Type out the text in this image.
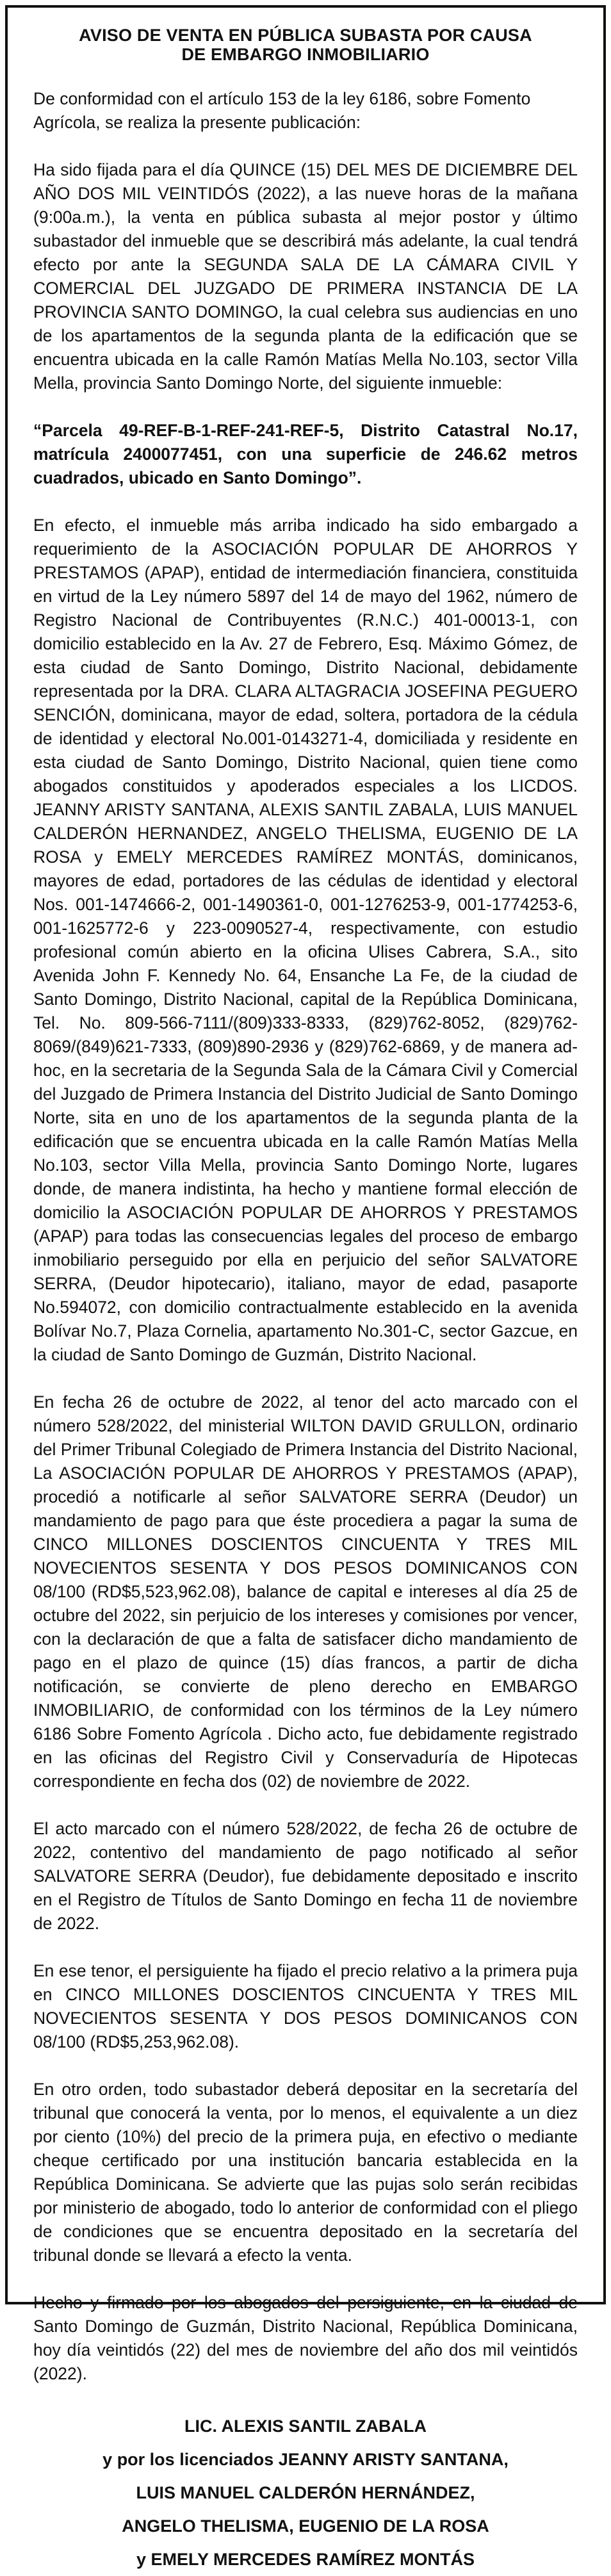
AVISO DE VENTA EN PÚBLICA SUBASTA POR CAUSA
DE EMBARGO INMOBILIARIO

De conformidad con el artículo 153 de la ley 6186, sobre Fomento Agrícola, se realiza la presente publicación:

Ha sido fijada para el día QUINCE (15) DEL MES DE DICIEMBRE DEL AÑO DOS MIL VEINTIDÓS (2022), a las nueve horas de la mañana (9:00a.m.), la venta en pública subasta al mejor postor y último subastador del inmueble que se describirá más adelante, la cual tendrá efecto por ante la SEGUNDA SALA DE LA CÁMARA CIVIL Y COMERCIAL DEL JUZGADO DE PRIMERA INSTANCIA DE LA PROVINCIA SANTO DOMINGO, la cual celebra sus audiencias en uno de los apartamentos de la segunda planta de la edificación que se encuentra ubicada en la calle Ramón Matías Mella No.103, sector Villa Mella, provincia Santo Domingo Norte, del siguiente inmueble:

“Parcela 49-REF-B-1-REF-241-REF-5, Distrito Catastral No.17, matrícula 2400077451, con una superficie de 246.62 metros cuadrados, ubicado en Santo Domingo”.

En efecto, el inmueble más arriba indicado ha sido embargado a requerimiento de la ASOCIACIÓN POPULAR DE AHORROS Y PRESTAMOS (APAP), entidad de intermediación financiera, constituida en virtud de la Ley número 5897 del 14 de mayo del 1962, número de Registro Nacional de Contribuyentes (R.N.C.) 401-00013-1, con domicilio establecido en la Av. 27 de Febrero, Esq. Máximo Gómez, de esta ciudad de Santo Domingo, Distrito Nacional, debidamente representada por la DRA. CLARA ALTAGRACIA JOSEFINA PEGUERO SENCIÓN, dominicana, mayor de edad, soltera, portadora de la cédula de identidad y electoral No.001-0143271-4, domiciliada y residente en esta ciudad de Santo Domingo, Distrito Nacional, quien tiene como abogados constituidos y apoderados especiales a los LICDOS. JEANNY ARISTY SANTANA, ALEXIS SANTIL ZABALA, LUIS MANUEL CALDERÓN HERNANDEZ, ANGELO THELISMA, EUGENIO DE LA ROSA y EMELY MERCEDES RAMÍREZ MONTÁS, dominicanos, mayores de edad, portadores de las cédulas de identidad y electoral Nos. 001-1474666-2, 001-1490361-0, 001-1276253-9, 001-1774253-6, 001-1625772-6 y 223-0090527-4, respectivamente, con estudio profesional común abierto en la oficina Ulises Cabrera, S.A., sito Avenida John F. Kennedy No. 64, Ensanche La Fe, de la ciudad de Santo Domingo, Distrito Nacional, capital de la República Dominicana, Tel. No. 809-566-7111/(809)333-8333, (829)762-8052, (829)762-8069/(849)621-7333, (809)890-2936 y (829)762-6869, y de manera ad-hoc, en la secretaria de la Segunda Sala de la Cámara Civil y Comercial del Juzgado de Primera Instancia del Distrito Judicial de Santo Domingo Norte, sita en uno de los apartamentos de la segunda planta de la edificación que se encuentra ubicada en la calle Ramón Matías Mella No.103, sector Villa Mella, provincia Santo Domingo Norte, lugares donde, de manera indistinta, ha hecho y mantiene formal elección de domicilio la ASOCIACIÓN POPULAR DE AHORROS Y PRESTAMOS (APAP) para todas las consecuencias legales del proceso de embargo inmobiliario perseguido por ella en perjuicio del señor SALVATORE SERRA, (Deudor hipotecario), italiano, mayor de edad, pasaporte No.594072, con domicilio contractualmente establecido en la avenida Bolívar No.7, Plaza Cornelia, apartamento No.301-C, sector Gazcue, en la ciudad de Santo Domingo de Guzmán, Distrito Nacional.

En fecha 26 de octubre de 2022, al tenor del acto marcado con el número 528/2022, del ministerial WILTON DAVID GRULLON, ordinario del Primer Tribunal Colegiado de Primera Instancia del Distrito Nacional, La ASOCIACIÓN POPULAR DE AHORROS Y PRESTAMOS (APAP), procedió a notificarle al señor SALVATORE SERRA (Deudor) un mandamiento de pago para que éste procediera a pagar la suma de CINCO MILLONES DOSCIENTOS CINCUENTA Y TRES MIL NOVECIENTOS SESENTA Y DOS PESOS DOMINICANOS CON 08/100 (RD$5,523,962.08), balance de capital e intereses al día 25 de octubre del 2022, sin perjuicio de los intereses y comisiones por vencer, con la declaración de que a falta de satisfacer dicho mandamiento de pago en el plazo de quince (15) días francos, a partir de dicha notificación, se convierte de pleno derecho en EMBARGO INMOBILIARIO, de conformidad con los términos de la Ley número 6186 Sobre Fomento Agrícola . Dicho acto, fue debidamente registrado en las oficinas del Registro Civil y Conservaduría de Hipotecas correspondiente en fecha dos (02) de noviembre de 2022.

El acto marcado con el número 528/2022, de fecha 26 de octubre de 2022, contentivo del mandamiento de pago notificado al señor SALVATORE SERRA (Deudor), fue debidamente depositado e inscrito en el Registro de Títulos de Santo Domingo en fecha 11 de noviembre de 2022.

En ese tenor, el persiguiente ha fijado el precio relativo a la primera puja en CINCO MILLONES DOSCIENTOS CINCUENTA Y TRES MIL NOVECIENTOS SESENTA Y DOS PESOS DOMINICANOS CON 08/100 (RD$5,253,962.08).

En otro orden, todo subastador deberá depositar en la secretaría del tribunal que conocerá la venta, por lo menos, el equivalente a un diez por ciento (10%) del precio de la primera puja, en efectivo o mediante cheque certificado por una institución bancaria establecida en la República Dominicana. Se advierte que las pujas solo serán recibidas por ministerio de abogado, todo lo anterior de conformidad con el pliego de condiciones que se encuentra depositado en la secretaría del tribunal donde se llevará a efecto la venta.

Hecho y firmado por los abogados del persiguiente, en la ciudad de Santo Domingo de Guzmán, Distrito Nacional, República Dominicana, hoy día veintidós (22) del mes de noviembre del año dos mil veintidós (2022).

LIC. ALEXIS SANTIL ZABALA
y por los licenciados JEANNY ARISTY SANTANA,
LUIS MANUEL CALDERÓN HERNÁNDEZ,
ANGELO THELISMA, EUGENIO DE LA ROSA
y EMELY MERCEDES RAMÍREZ MONTÁS
